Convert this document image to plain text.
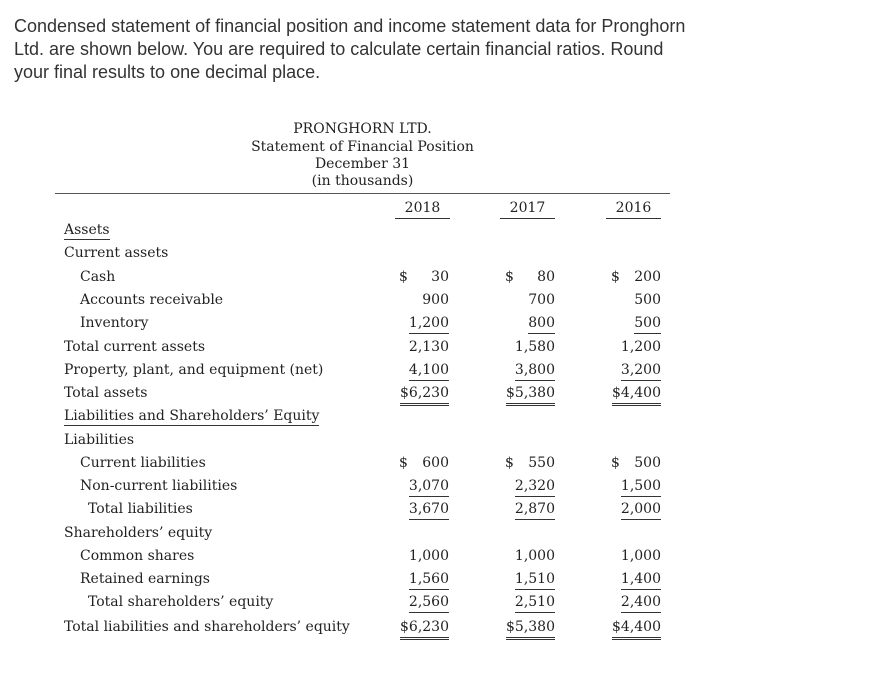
Condensed statement of financial position and income statement data for Pronghorn
Ltd. are shown below. You are required to calculate certain financial ratios. Round
your final results to one decimal place.
PRONGHORN LTD.
Statement of Financial Position
December 31
(in thousands)
2018	2017	2016
Assets
Current assets
Cash
Accounts receivable
Inventory
Total current assets
Property, plant, and equipment (net)
Total assets
Liabilities and Shareholders’ Equity
Liabilities
Current liabilities
Non-current liabilities
Total liabilities
Shareholders’ equity
Common shares
Retained earnings
Total shareholders’ equity
Total liabilities and shareholders’ equity
$ 30
900
1,200
2,130
4,100
$6,230
$ 600
3,070
3,670
1,000
1,560
2,560
$6,230
$ 80
700
800
1,580
3,800
$5,380
$ 550
2,320
2,870
1,000
1,510
2,510
$5,380
$ 200
500
500
1,200
3,200
$4,400
$ 500
1,500
2,000
1,000
1,400
2,400
$4,400
